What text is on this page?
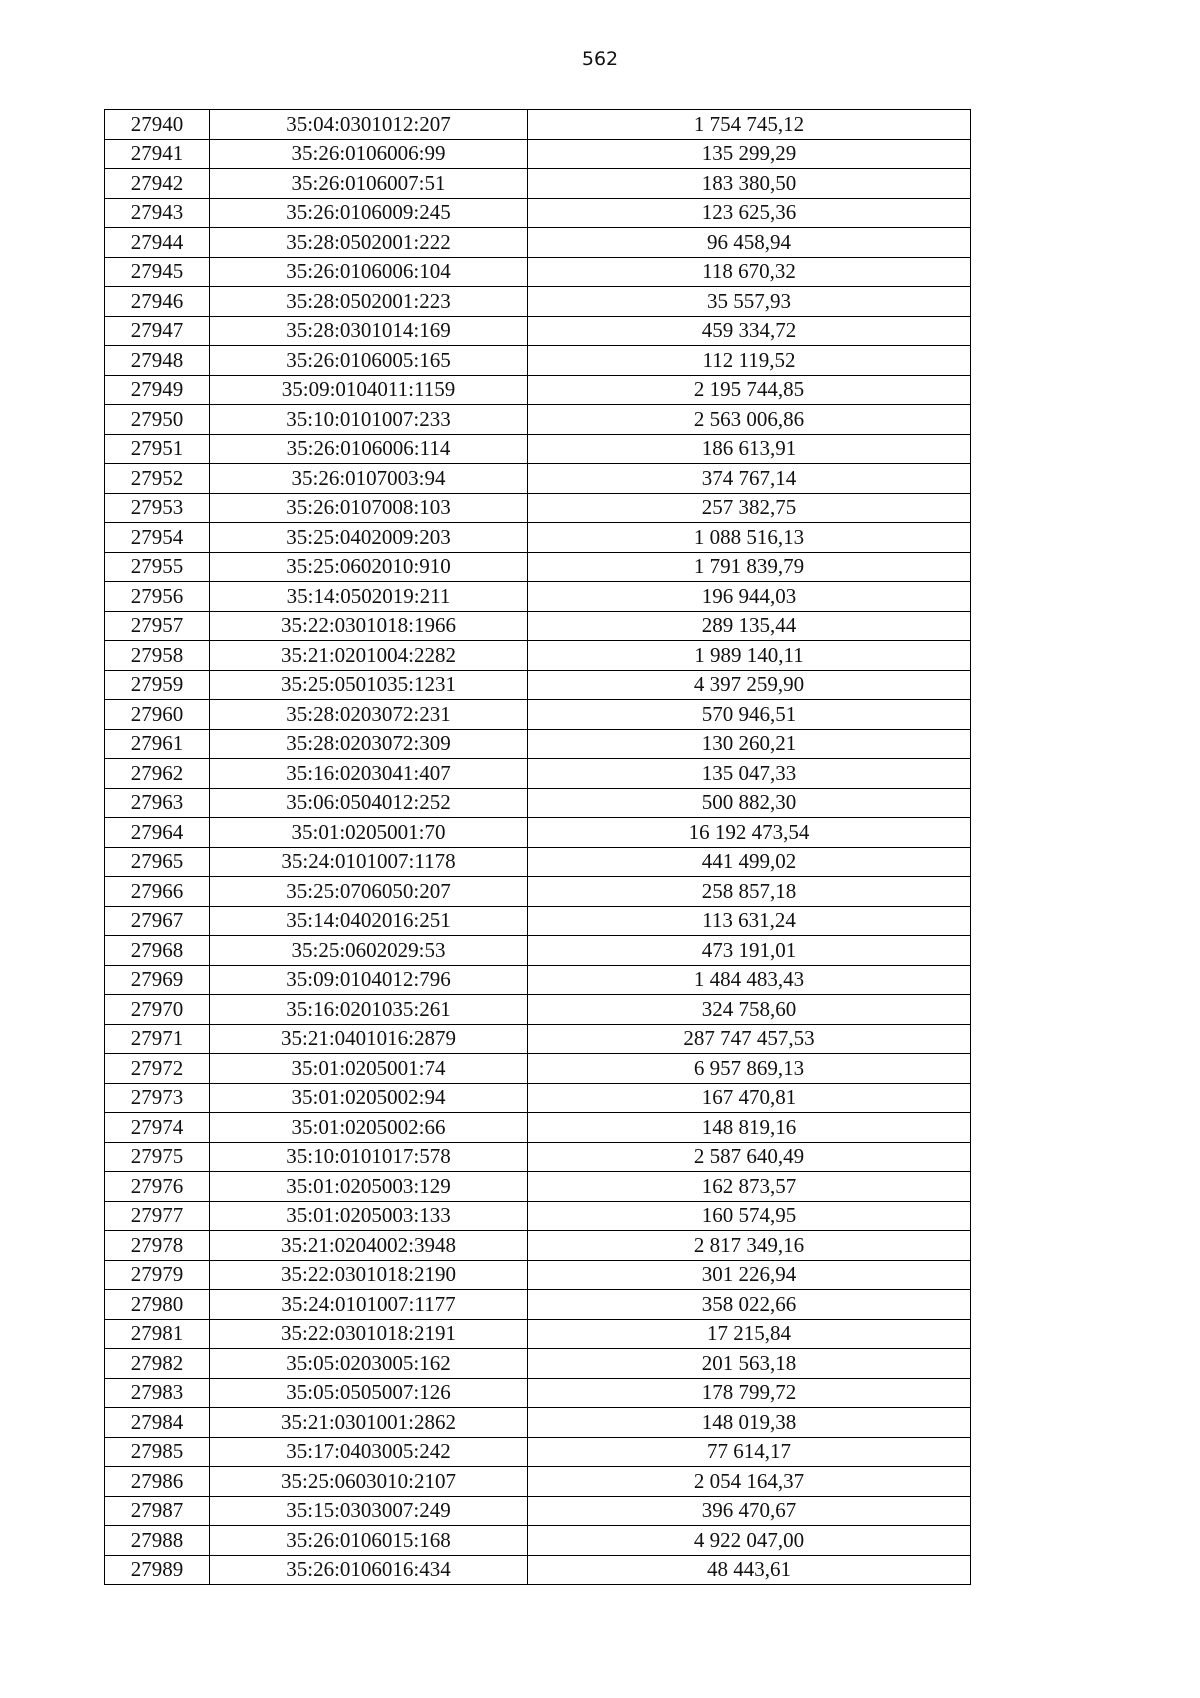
562
27940	35:04:0301012:207	1 754 745,12
27941	35:26:0106006:99	135 299,29
27942	35:26:0106007:51	183 380,50
27943	35:26:0106009:245	123 625,36
27944	35:28:0502001:222	96 458,94
27945	35:26:0106006:104	118 670,32
27946	35:28:0502001:223	35 557,93
27947	35:28:0301014:169	459 334,72
27948	35:26:0106005:165	112 119,52
27949	35:09:0104011:1159	2 195 744,85
27950	35:10:0101007:233	2 563 006,86
27951	35:26:0106006:114	186 613,91
27952	35:26:0107003:94	374 767,14
27953	35:26:0107008:103	257 382,75
27954	35:25:0402009:203	1 088 516,13
27955	35:25:0602010:910	1 791 839,79
27956	35:14:0502019:211	196 944,03
27957	35:22:0301018:1966	289 135,44
27958	35:21:0201004:2282	1 989 140,11
27959	35:25:0501035:1231	4 397 259,90
27960	35:28:0203072:231	570 946,51
27961	35:28:0203072:309	130 260,21
27962	35:16:0203041:407	135 047,33
27963	35:06:0504012:252	500 882,30
27964	35:01:0205001:70	16 192 473,54
27965	35:24:0101007:1178	441 499,02
27966	35:25:0706050:207	258 857,18
27967	35:14:0402016:251	113 631,24
27968	35:25:0602029:53	473 191,01
27969	35:09:0104012:796	1 484 483,43
27970	35:16:0201035:261	324 758,60
27971	35:21:0401016:2879	287 747 457,53
27972	35:01:0205001:74	6 957 869,13
27973	35:01:0205002:94	167 470,81
27974	35:01:0205002:66	148 819,16
27975	35:10:0101017:578	2 587 640,49
27976	35:01:0205003:129	162 873,57
27977	35:01:0205003:133	160 574,95
27978	35:21:0204002:3948	2 817 349,16
27979	35:22:0301018:2190	301 226,94
27980	35:24:0101007:1177	358 022,66
27981	35:22:0301018:2191	17 215,84
27982	35:05:0203005:162	201 563,18
27983	35:05:0505007:126	178 799,72
27984	35:21:0301001:2862	148 019,38
27985	35:17:0403005:242	77 614,17
27986	35:25:0603010:2107	2 054 164,37
27987	35:15:0303007:249	396 470,67
27988	35:26:0106015:168	4 922 047,00
27989	35:26:0106016:434	48 443,61
